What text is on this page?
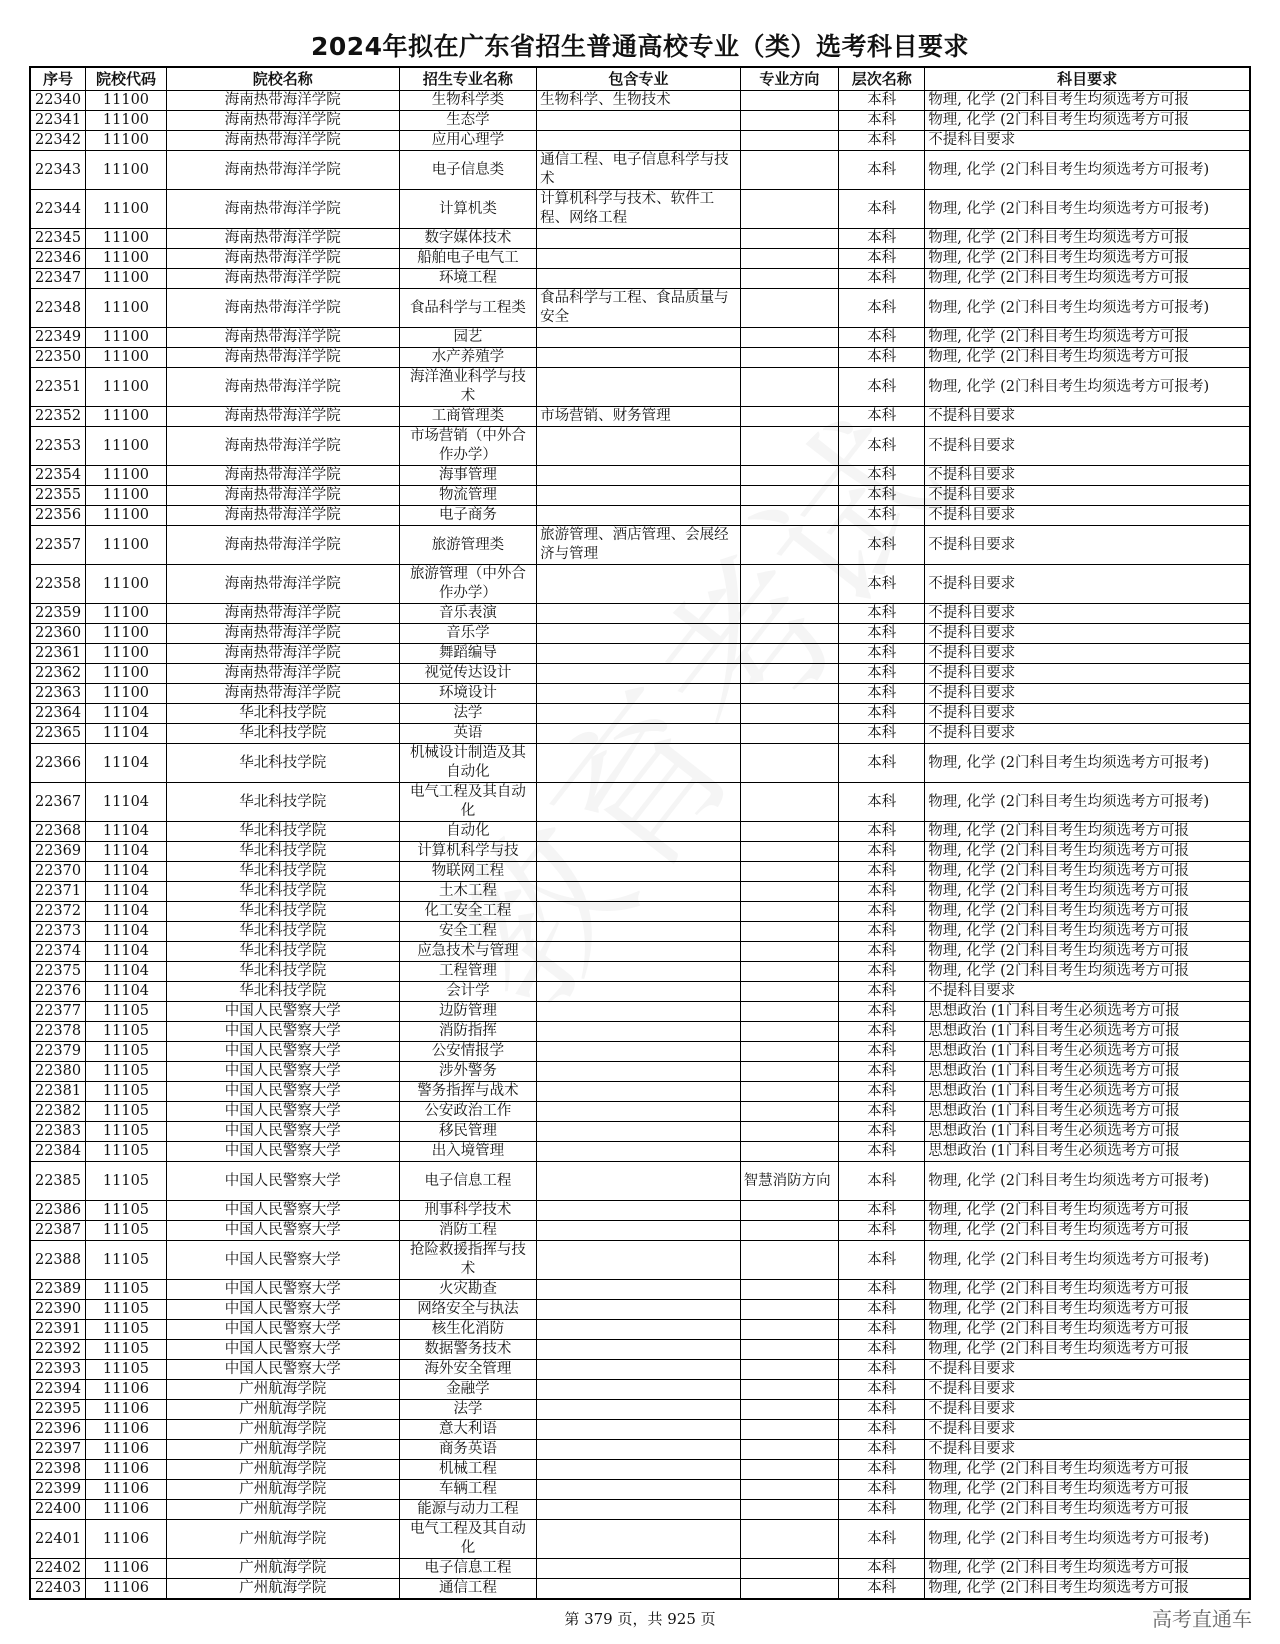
2024年拟在广东省招生普通高校专业（类）选考科目要求
序号	院校代码	院校名称	招生专业名称	包含专业	专业方向	层次名称	科目要求
22340	11100	海南热带海洋学院	生物科学类	生物科学、生物技术		本科	物理, 化学 (2门科目考生均须选考方可报
22341	11100	海南热带海洋学院	生态学			本科	物理, 化学 (2门科目考生均须选考方可报
22342	11100	海南热带海洋学院	应用心理学			本科	不提科目要求
22343	11100	海南热带海洋学院	电子信息类	通信工程、电子信息科学与技术		本科	物理, 化学 (2门科目考生均须选考方可报考)
22344	11100	海南热带海洋学院	计算机类	计算机科学与技术、软件工程、网络工程		本科	物理, 化学 (2门科目考生均须选考方可报考)
22345	11100	海南热带海洋学院	数字媒体技术			本科	物理, 化学 (2门科目考生均须选考方可报
22346	11100	海南热带海洋学院	船舶电子电气工			本科	物理, 化学 (2门科目考生均须选考方可报
22347	11100	海南热带海洋学院	环境工程			本科	物理, 化学 (2门科目考生均须选考方可报
22348	11100	海南热带海洋学院	食品科学与工程类	食品科学与工程、食品质量与安全		本科	物理, 化学 (2门科目考生均须选考方可报考)
22349	11100	海南热带海洋学院	园艺			本科	物理, 化学 (2门科目考生均须选考方可报
22350	11100	海南热带海洋学院	水产养殖学			本科	物理, 化学 (2门科目考生均须选考方可报
22351	11100	海南热带海洋学院	海洋渔业科学与技术			本科	物理, 化学 (2门科目考生均须选考方可报考)
22352	11100	海南热带海洋学院	工商管理类	市场营销、财务管理		本科	不提科目要求
22353	11100	海南热带海洋学院	市场营销（中外合作办学）			本科	不提科目要求
22354	11100	海南热带海洋学院	海事管理			本科	不提科目要求
22355	11100	海南热带海洋学院	物流管理			本科	不提科目要求
22356	11100	海南热带海洋学院	电子商务			本科	不提科目要求
22357	11100	海南热带海洋学院	旅游管理类	旅游管理、酒店管理、会展经济与管理		本科	不提科目要求
22358	11100	海南热带海洋学院	旅游管理（中外合作办学）			本科	不提科目要求
22359	11100	海南热带海洋学院	音乐表演			本科	不提科目要求
22360	11100	海南热带海洋学院	音乐学			本科	不提科目要求
22361	11100	海南热带海洋学院	舞蹈编导			本科	不提科目要求
22362	11100	海南热带海洋学院	视觉传达设计			本科	不提科目要求
22363	11100	海南热带海洋学院	环境设计			本科	不提科目要求
22364	11104	华北科技学院	法学			本科	不提科目要求
22365	11104	华北科技学院	英语			本科	不提科目要求
22366	11104	华北科技学院	机械设计制造及其自动化			本科	物理, 化学 (2门科目考生均须选考方可报考)
22367	11104	华北科技学院	电气工程及其自动化			本科	物理, 化学 (2门科目考生均须选考方可报考)
22368	11104	华北科技学院	自动化			本科	物理, 化学 (2门科目考生均须选考方可报
22369	11104	华北科技学院	计算机科学与技			本科	物理, 化学 (2门科目考生均须选考方可报
22370	11104	华北科技学院	物联网工程			本科	物理, 化学 (2门科目考生均须选考方可报
22371	11104	华北科技学院	土木工程			本科	物理, 化学 (2门科目考生均须选考方可报
22372	11104	华北科技学院	化工安全工程			本科	物理, 化学 (2门科目考生均须选考方可报
22373	11104	华北科技学院	安全工程			本科	物理, 化学 (2门科目考生均须选考方可报
22374	11104	华北科技学院	应急技术与管理			本科	物理, 化学 (2门科目考生均须选考方可报
22375	11104	华北科技学院	工程管理			本科	物理, 化学 (2门科目考生均须选考方可报
22376	11104	华北科技学院	会计学			本科	不提科目要求
22377	11105	中国人民警察大学	边防管理			本科	思想政治 (1门科目考生必须选考方可报
22378	11105	中国人民警察大学	消防指挥			本科	思想政治 (1门科目考生必须选考方可报
22379	11105	中国人民警察大学	公安情报学			本科	思想政治 (1门科目考生必须选考方可报
22380	11105	中国人民警察大学	涉外警务			本科	思想政治 (1门科目考生必须选考方可报
22381	11105	中国人民警察大学	警务指挥与战术			本科	思想政治 (1门科目考生必须选考方可报
22382	11105	中国人民警察大学	公安政治工作			本科	思想政治 (1门科目考生必须选考方可报
22383	11105	中国人民警察大学	移民管理			本科	思想政治 (1门科目考生必须选考方可报
22384	11105	中国人民警察大学	出入境管理			本科	思想政治 (1门科目考生必须选考方可报
22385	11105	中国人民警察大学	电子信息工程		智慧消防方向	本科	物理, 化学 (2门科目考生均须选考方可报考)
22386	11105	中国人民警察大学	刑事科学技术			本科	物理, 化学 (2门科目考生均须选考方可报
22387	11105	中国人民警察大学	消防工程			本科	物理, 化学 (2门科目考生均须选考方可报
22388	11105	中国人民警察大学	抢险救援指挥与技术			本科	物理, 化学 (2门科目考生均须选考方可报考)
22389	11105	中国人民警察大学	火灾勘查			本科	物理, 化学 (2门科目考生均须选考方可报
22390	11105	中国人民警察大学	网络安全与执法			本科	物理, 化学 (2门科目考生均须选考方可报
22391	11105	中国人民警察大学	核生化消防			本科	物理, 化学 (2门科目考生均须选考方可报
22392	11105	中国人民警察大学	数据警务技术			本科	物理, 化学 (2门科目考生均须选考方可报
22393	11105	中国人民警察大学	海外安全管理			本科	不提科目要求
22394	11106	广州航海学院	金融学			本科	不提科目要求
22395	11106	广州航海学院	法学			本科	不提科目要求
22396	11106	广州航海学院	意大利语			本科	不提科目要求
22397	11106	广州航海学院	商务英语			本科	不提科目要求
22398	11106	广州航海学院	机械工程			本科	物理, 化学 (2门科目考生均须选考方可报
22399	11106	广州航海学院	车辆工程			本科	物理, 化学 (2门科目考生均须选考方可报
22400	11106	广州航海学院	能源与动力工程			本科	物理, 化学 (2门科目考生均须选考方可报
22401	11106	广州航海学院	电气工程及其自动化			本科	物理, 化学 (2门科目考生均须选考方可报考)
22402	11106	广州航海学院	电子信息工程			本科	物理, 化学 (2门科目考生均须选考方可报
22403	11106	广州航海学院	通信工程			本科	物理, 化学 (2门科目考生均须选考方可报
第 379 页，共 925 页	高考直通车
